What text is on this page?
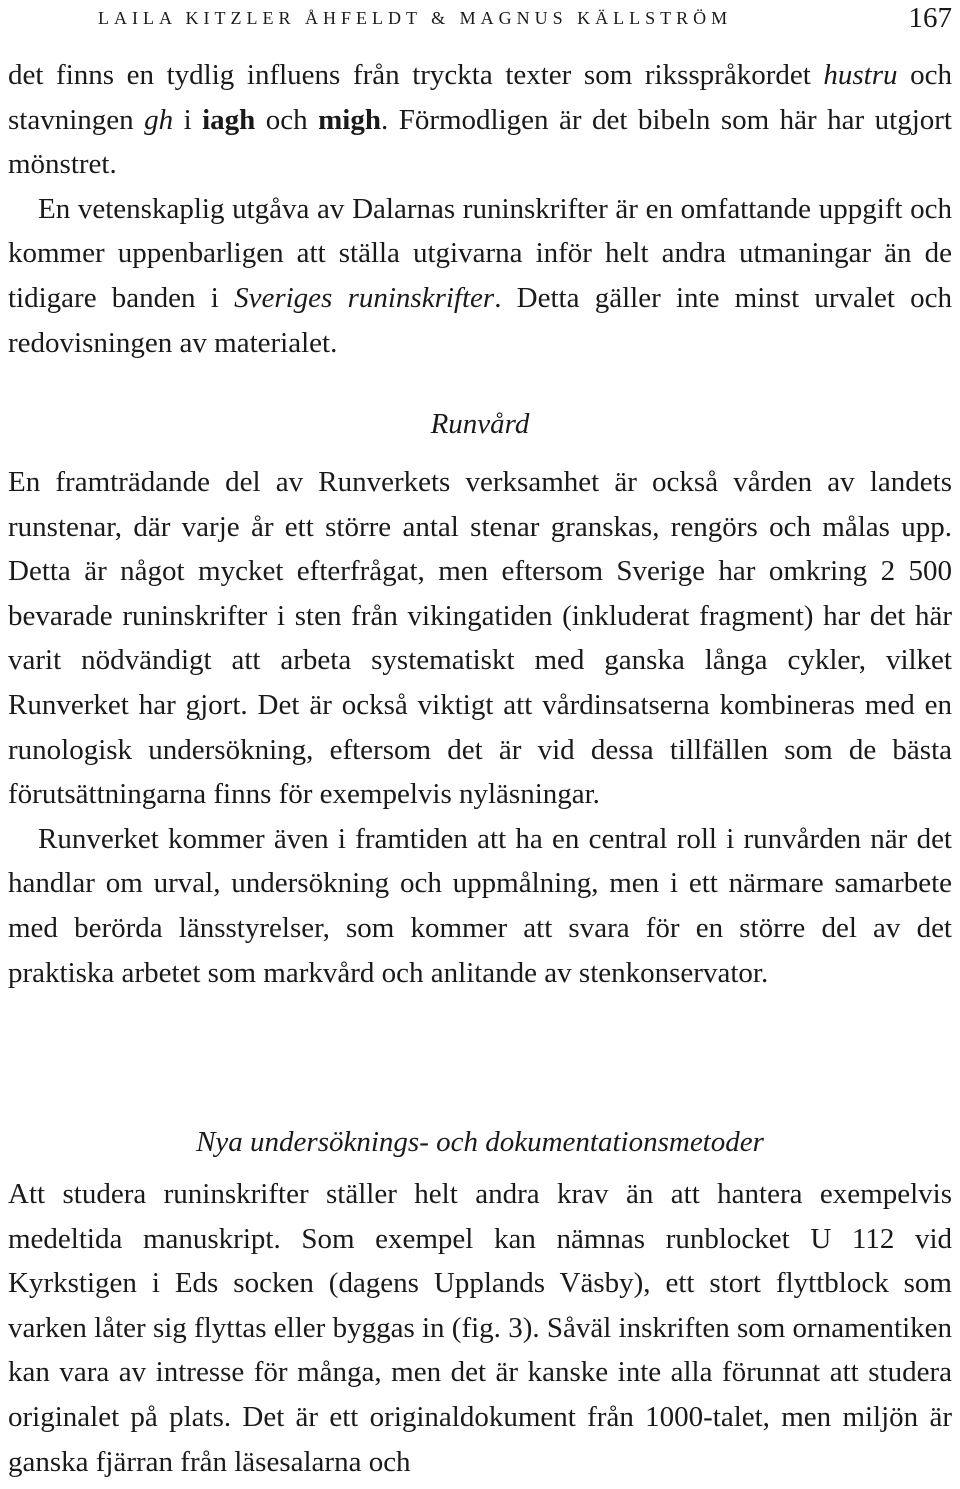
LAILA KITZLER ÅHFELDT & MAGNUS KÄLLSTRÖM	167

det finns en tydlig influens från tryckta texter som riksspråkordet hustru och stavningen gh i iagh och migh. Förmodligen är det bibeln som här har utgjort mönstret.

En vetenskaplig utgåva av Dalarnas runinskrifter är en omfattande uppgift och kommer uppenbarligen att ställa utgivarna inför helt andra utmaningar än de tidigare banden i Sveriges runinskrifter. Detta gäller inte minst urvalet och redovisningen av materialet.

Runvård

En framträdande del av Runverkets verksamhet är också vården av landets runstenar, där varje år ett större antal stenar granskas, rengörs och målas upp. Detta är något mycket efterfrågat, men eftersom Sverige har omkring 2 500 bevarade runinskrifter i sten från vikingatiden (inkluderat fragment) har det här varit nödvändigt att arbeta systematiskt med ganska långa cykler, vilket Runverket har gjort. Det är också viktigt att vårdinsatserna kombineras med en runologisk undersökning, eftersom det är vid dessa tillfällen som de bästa förutsättningarna finns för exempelvis nyläsningar.

Runverket kommer även i framtiden att ha en central roll i runvården när det handlar om urval, undersökning och uppmålning, men i ett närmare samarbete med berörda länsstyrelser, som kommer att svara för en större del av det praktiska arbetet som markvård och anlitande av stenkonservator.

Nya undersöknings- och dokumentationsmetoder

Att studera runinskrifter ställer helt andra krav än att hantera exempelvis medeltida manuskript. Som exempel kan nämnas runblocket U 112 vid Kyrkstigen i Eds socken (dagens Upplands Väsby), ett stort flyttblock som varken låter sig flyttas eller byggas in (fig. 3). Såväl inskriften som ornamentiken kan vara av intresse för många, men det är kanske inte alla förunnat att studera originalet på plats. Det är ett originaldokument från 1000-talet, men miljön är ganska fjärran från läsesalarna och
